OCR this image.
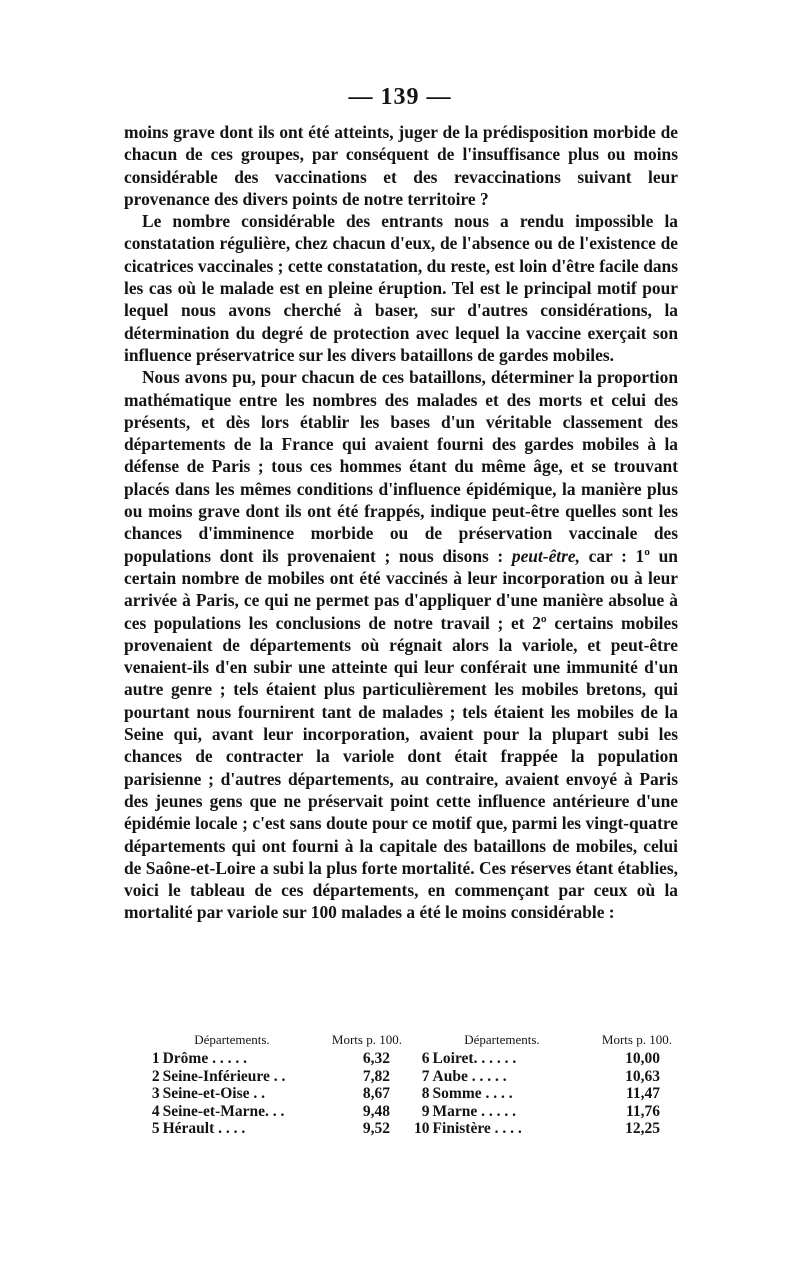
— 139 —

moins grave dont ils ont été atteints, juger de la prédisposition morbide de chacun de ces groupes, par conséquent de l'insuffisance plus ou moins considérable des vaccinations et des revaccinations suivant leur provenance des divers points de notre territoire ?

Le nombre considérable des entrants nous a rendu impossible la constatation régulière, chez chacun d'eux, de l'absence ou de l'existence de cicatrices vaccinales ; cette constatation, du reste, est loin d'être facile dans les cas où le malade est en pleine éruption. Tel est le principal motif pour lequel nous avons cherché à baser, sur d'autres considérations, la détermination du degré de protection avec lequel la vaccine exerçait son influence préservatrice sur les divers bataillons de gardes mobiles.

Nous avons pu, pour chacun de ces bataillons, déterminer la proportion mathématique entre les nombres des malades et des morts et celui des présents, et dès lors établir les bases d'un véritable classement des départements de la France qui avaient fourni des gardes mobiles à la défense de Paris ; tous ces hommes étant du même âge, et se trouvant placés dans les mêmes conditions d'influence épidémique, la manière plus ou moins grave dont ils ont été frappés, indique peut-être quelles sont les chances d'imminence morbide ou de préservation vaccinale des populations dont ils provenaient ; nous disons : peut-être, car : 1º un certain nombre de mobiles ont été vaccinés à leur incorporation ou à leur arrivée à Paris, ce qui ne permet pas d'appliquer d'une manière absolue à ces populations les conclusions de notre travail ; et 2º certains mobiles provenaient de départements où régnait alors la variole, et peut-être venaient-ils d'en subir une atteinte qui leur conférait une immunité d'un autre genre ; tels étaient plus particulièrement les mobiles bretons, qui pourtant nous fournirent tant de malades ; tels étaient les mobiles de la Seine qui, avant leur incorporation, avaient pour la plupart subi les chances de contracter la variole dont était frappée la population parisienne ; d'autres départements, au contraire, avaient envoyé à Paris des jeunes gens que ne préservait point cette influence antérieure d'une épidémie locale ; c'est sans doute pour ce motif que, parmi les vingt-quatre départements qui ont fourni à la capitale des bataillons de mobiles, celui de Saône-et-Loire a subi la plus forte mortalité. Ces réserves étant établies, voici le tableau de ces départements, en commençant par ceux où la mortalité par variole sur 100 malades a été le moins considérable :

Départements.		Morts p. 100.	Départements.		Morts p. 100.
1	Drôme . . . . .	6,32	6	Loiret. . . . . .	10,00
2	Seine-Inférieure . .	7,82	7	Aube . . . . .	10,63
3	Seine-et-Oise . .	8,67	8	Somme . . . .	11,47
4	Seine-et-Marne. . .	9,48	9	Marne . . . . .	11,76
5	Hérault . . . .	9,52	10	Finistère . . . .	12,25
